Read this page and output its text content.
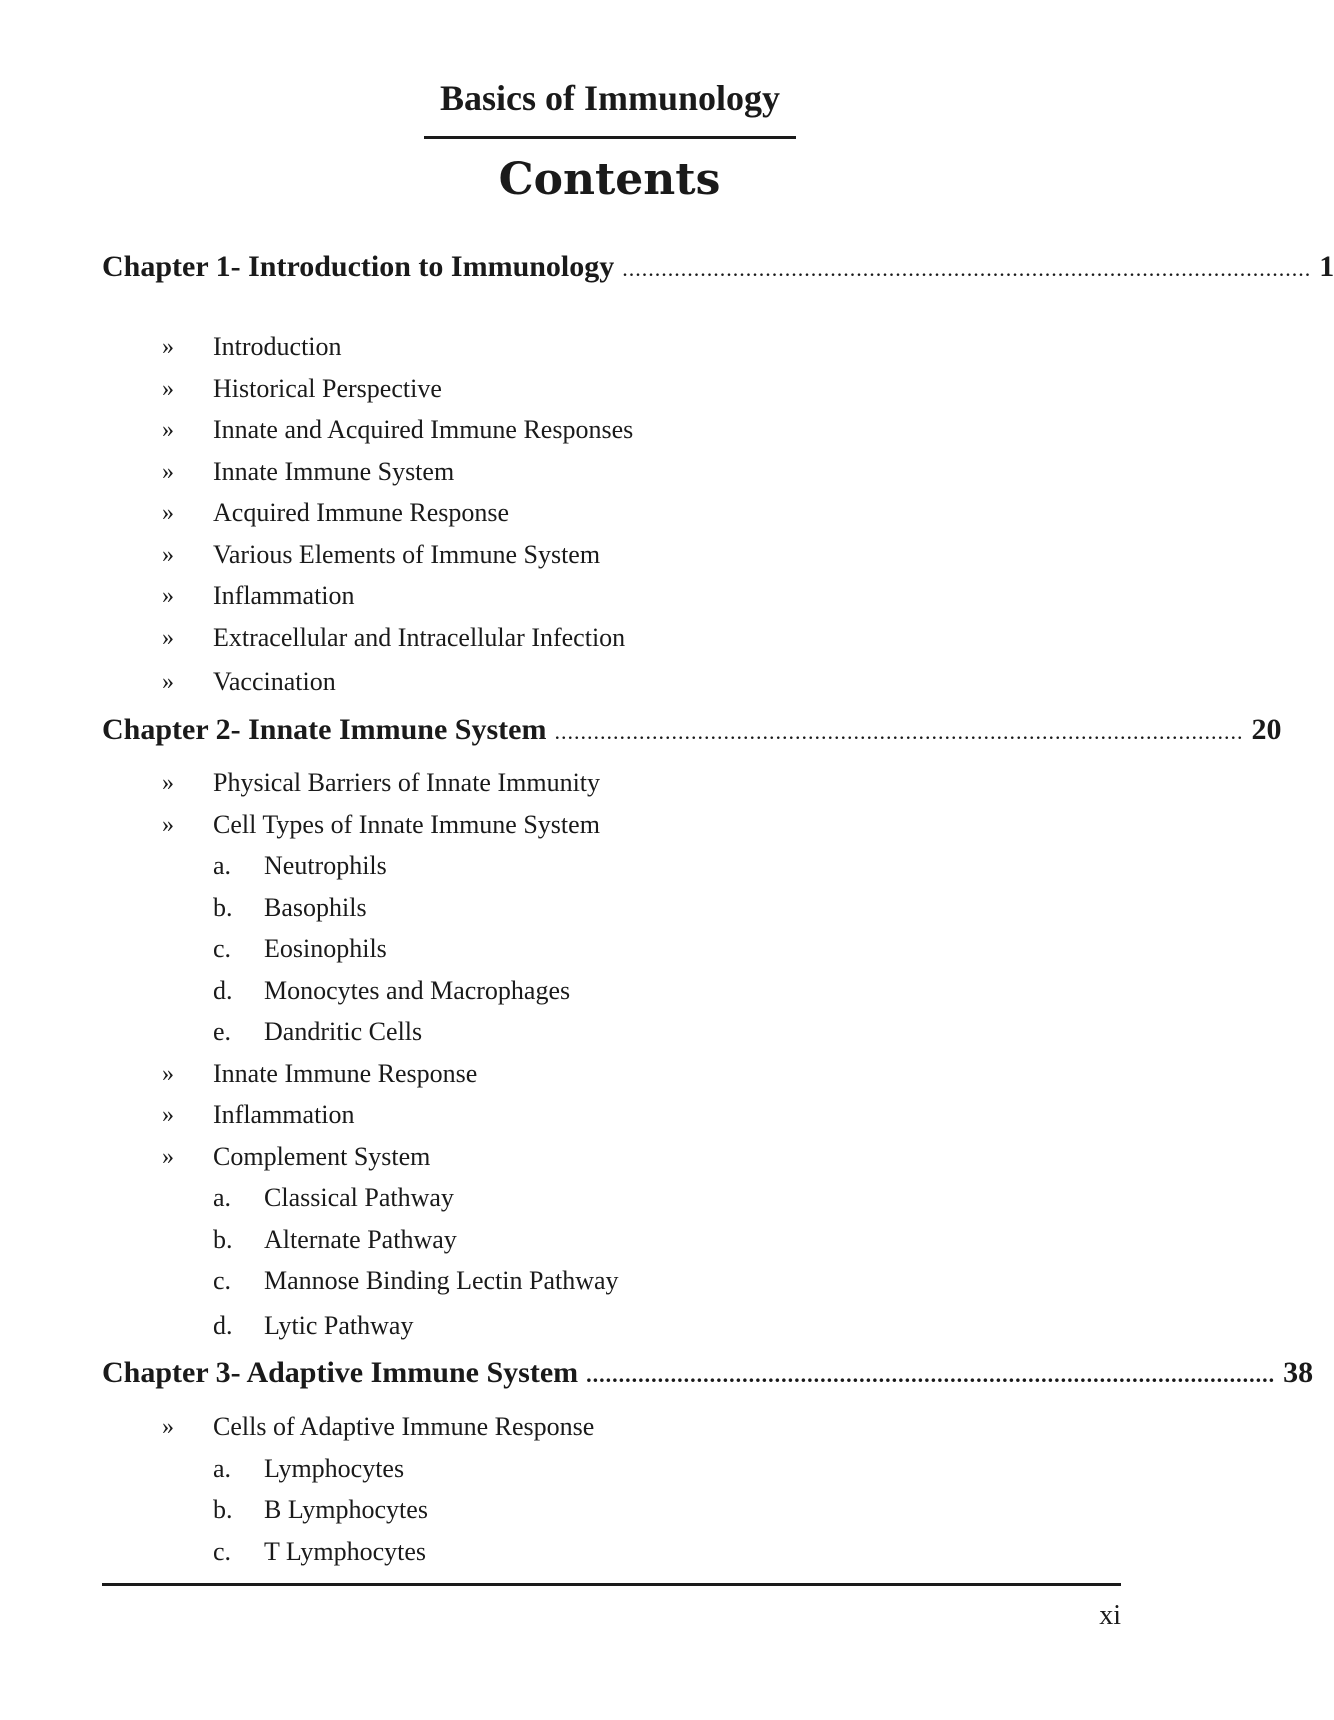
Basics of Immunology
Contents
Chapter 1- Introduction to Immunology .......................................................................................................... 1
» Introduction
» Historical Perspective
» Innate and Acquired Immune Responses
» Innate Immune System
» Acquired Immune Response
» Various Elements of Immune System
» Inflammation
» Extracellular and Intracellular Infection
» Vaccination
Chapter 2- Innate Immune System .......................................................................................................... 20
» Physical Barriers of Innate Immunity
» Cell Types of Innate Immune System
a. Neutrophils
b. Basophils
c. Eosinophils
d. Monocytes and Macrophages
e. Dandritic Cells
» Innate Immune Response
» Inflammation
» Complement System
a. Classical Pathway
b. Alternate Pathway
c. Mannose Binding Lectin Pathway
d. Lytic Pathway
Chapter 3- Adaptive Immune System .......................................................................................................... 38
» Cells of Adaptive Immune Response
a. Lymphocytes
b. B Lymphocytes
c. T Lymphocytes
xi
